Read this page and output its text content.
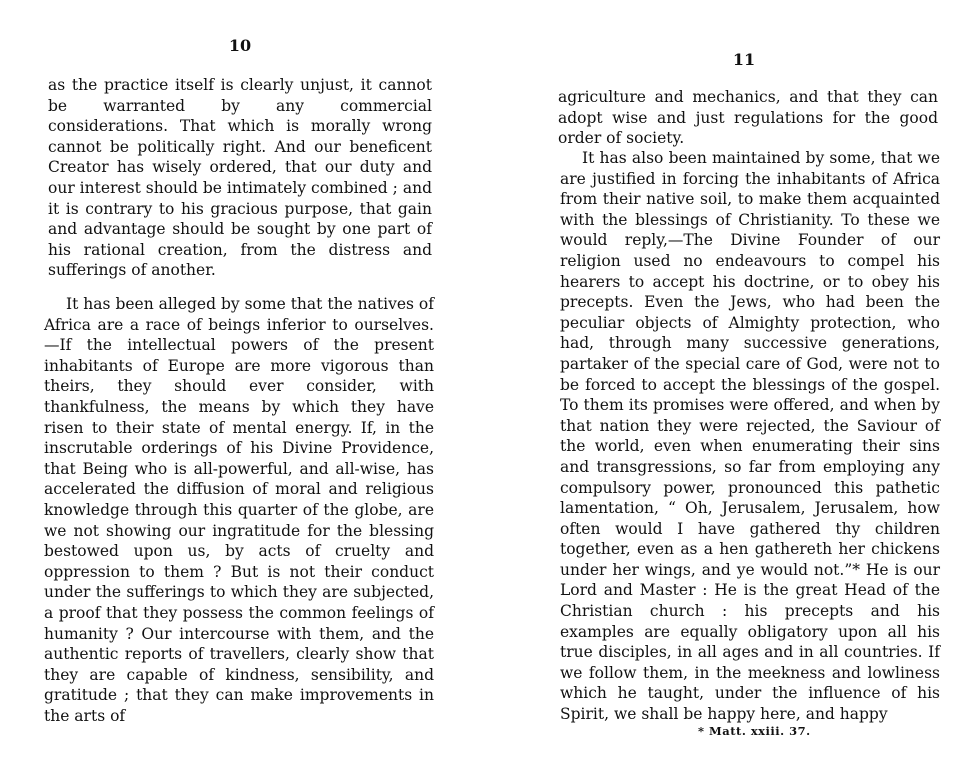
10

as the practice itself is clearly unjust, it cannot be warranted by any commercial considerations. That which is morally wrong cannot be politically right. And our beneficent Creator has wisely ordered, that our duty and our interest should be intimately combined ; and it is contrary to his gracious purpose, that gain and advantage should be sought by one part of his rational creation, from the distress and sufferings of another.

It has been alleged by some that the natives of Africa are a race of beings inferior to ourselves.—If the intellectual powers of the present inhabitants of Europe are more vigorous than theirs, they should ever consider, with thankfulness, the means by which they have risen to their state of mental energy. If, in the inscrutable orderings of his Divine Providence, that Being who is all-powerful, and all-wise, has accelerated the diffusion of moral and religious knowledge through this quarter of the globe, are we not showing our ingratitude for the blessing bestowed upon us, by acts of cruelty and oppression to them ? But is not their conduct under the sufferings to which they are subjected, a proof that they possess the common feelings of humanity ? Our intercourse with them, and the authentic reports of travellers, clearly show that they are capable of kindness, sensibility, and gratitude ; that they can make improvements in the arts of

11

agriculture and mechanics, and that they can adopt wise and just regulations for the good order of society.

It has also been maintained by some, that we are justified in forcing the inhabitants of Africa from their native soil, to make them acquainted with the blessings of Christianity. To these we would reply,—The Divine Founder of our religion used no endeavours to compel his hearers to accept his doctrine, or to obey his precepts. Even the Jews, who had been the peculiar objects of Almighty protection, who had, through many successive generations, partaker of the special care of God, were not to be forced to accept the blessings of the gospel. To them its promises were offered, and when by that nation they were rejected, the Saviour of the world, even when enumerating their sins and transgressions, so far from employing any compulsory power, pronounced this pathetic lamentation, “ Oh, Jerusalem, Jerusalem, how often would I have gathered thy children together, even as a hen gathereth her chickens under her wings, and ye would not.”* He is our Lord and Master : He is the great Head of the Christian church : his precepts and his examples are equally obligatory upon all his true disciples, in all ages and in all countries. If we follow them, in the meekness and lowliness which he taught, under the influence of his Spirit, we shall be happy here, and happy

* Matt. xxiii. 37.
